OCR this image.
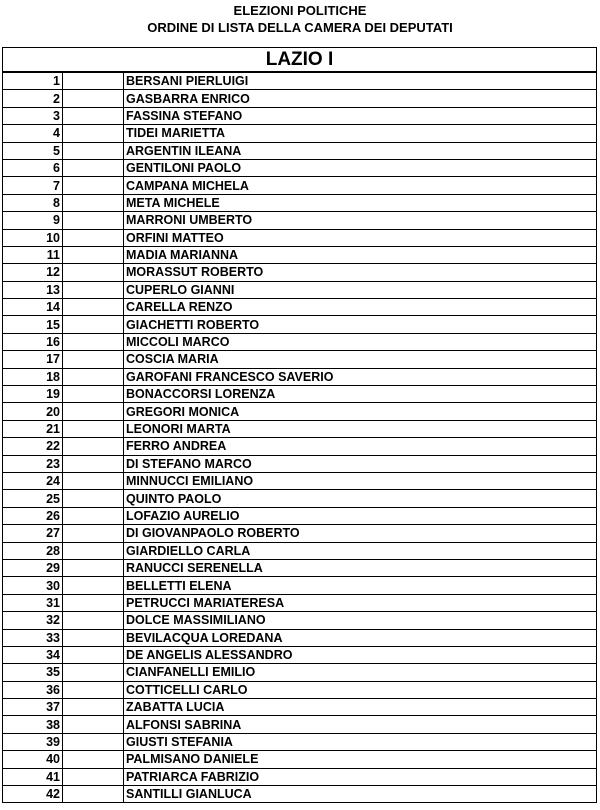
ELEZIONI POLITICHE
ORDINE DI LISTA DELLA CAMERA DEI DEPUTATI
LAZIO I		
1		BERSANI PIERLUIGI
2		GASBARRA ENRICO
3		FASSINA STEFANO
4		TIDEI MARIETTA
5		ARGENTIN ILEANA
6		GENTILONI PAOLO
7		CAMPANA MICHELA
8		META MICHELE
9		MARRONI UMBERTO
10		ORFINI MATTEO
11		MADIA MARIANNA
12		MORASSUT ROBERTO
13		CUPERLO GIANNI
14		CARELLA RENZO
15		GIACHETTI ROBERTO
16		MICCOLI MARCO
17		COSCIA MARIA
18		GAROFANI FRANCESCO SAVERIO
19		BONACCORSI LORENZA
20		GREGORI MONICA
21		LEONORI MARTA
22		FERRO ANDREA
23		DI STEFANO MARCO
24		MINNUCCI EMILIANO
25		QUINTO PAOLO
26		LOFAZIO AURELIO
27		DI GIOVANPAOLO ROBERTO
28		GIARDIELLO CARLA
29		RANUCCI SERENELLA
30		BELLETTI ELENA
31		PETRUCCI MARIATERESA
32		DOLCE MASSIMILIANO
33		BEVILACQUA LOREDANA
34		DE ANGELIS ALESSANDRO
35		CIANFANELLI EMILIO
36		COTTICELLI CARLO
37		ZABATTA LUCIA
38		ALFONSI SABRINA
39		GIUSTI STEFANIA
40		PALMISANO DANIELE
41		PATRIARCA FABRIZIO
42		SANTILLI GIANLUCA
